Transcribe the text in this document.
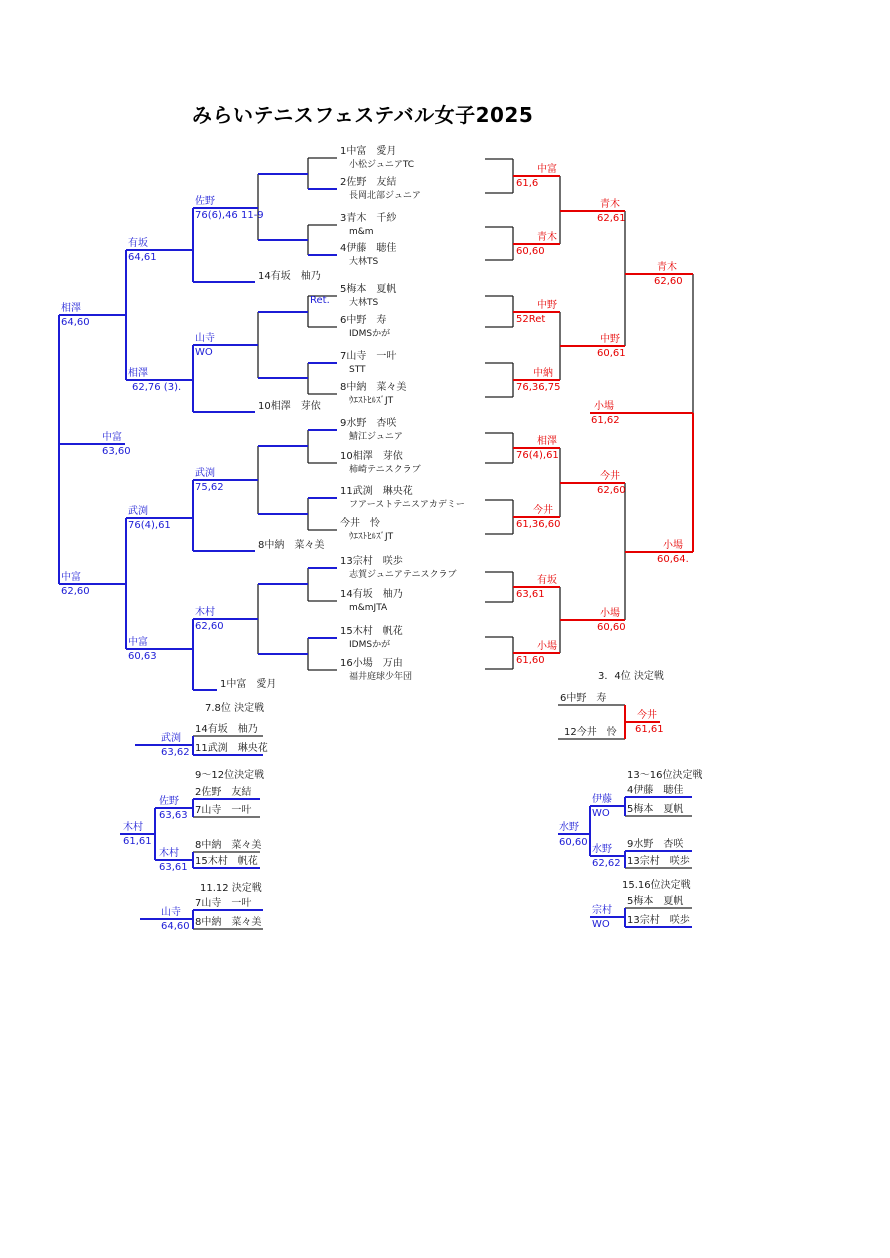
みらいテニスフェステバル女子2025
1中富　愛月
小松ジュニアTC
2佐野　友結
長岡北部ジュニア
3青木　千紗
m&m
4伊藤　聴佳
大林TS
5梅本　夏帆
大林TS
6中野　寿
IDMSかが
7山寺　一叶
STT
8中納　菜々美
ｳｴｽﾄﾋﾙｽﾞJT
9水野　杏咲
鯖江ジュニア
10相澤　芽依
柿崎テニスクラブ
11武渕　琳央花
フアーストテニスアカデミー
今井　怜
ｳｴｽﾄﾋﾙｽﾞJT
13宗村　咲歩
志賀ジュニアテニスクラブ
14有坂　柚乃
m&mJTA
15木村　帆花
IDMSかが
16小場　万由
福井庭球少年団
Ret.
佐野
76(6),46 11-9
山寺
WO
武渕
75,62
木村
62,60
14有坂　柚乃
10相澤　芽依
8中納　菜々美
1中富　愛月
有坂
64,61
相澤
62,76 (3).
武渕
76(4),61
中富
60,63
相澤
64,60
中富
62,60
中富
63,60
中富
61,6
青木
60,60
中野
52Ret
中納
76,36,75
相澤
76(4),61
今井
61,36,60
有坂
63,61
小場
61,60
青木
62,61
中野
60,61
今井
62,60
小場
60,60
青木
62,60
小場
60,64.
小場
61,62
3．4位 決定戦
6中野　寿
12今井　怜
今井
61,61
7.8位 決定戦
14有坂　柚乃
11武渕　琳央花
武渕
63,62
9～12位決定戦
2佐野　友結
7山寺　一叶
佐野
63,63
8中納　菜々美
15木村　帆花
木村
63,61
木村
61,61
11.12 決定戦
7山寺　一叶
8中納　菜々美
山寺
64,60
13～16位決定戦
4伊藤　聴佳
5梅本　夏帆
伊藤
WO
9水野　杏咲
13宗村　咲歩
水野
62,62
水野
60,60
15.16位決定戦
5梅本　夏帆
13宗村　咲歩
宗村
WO
